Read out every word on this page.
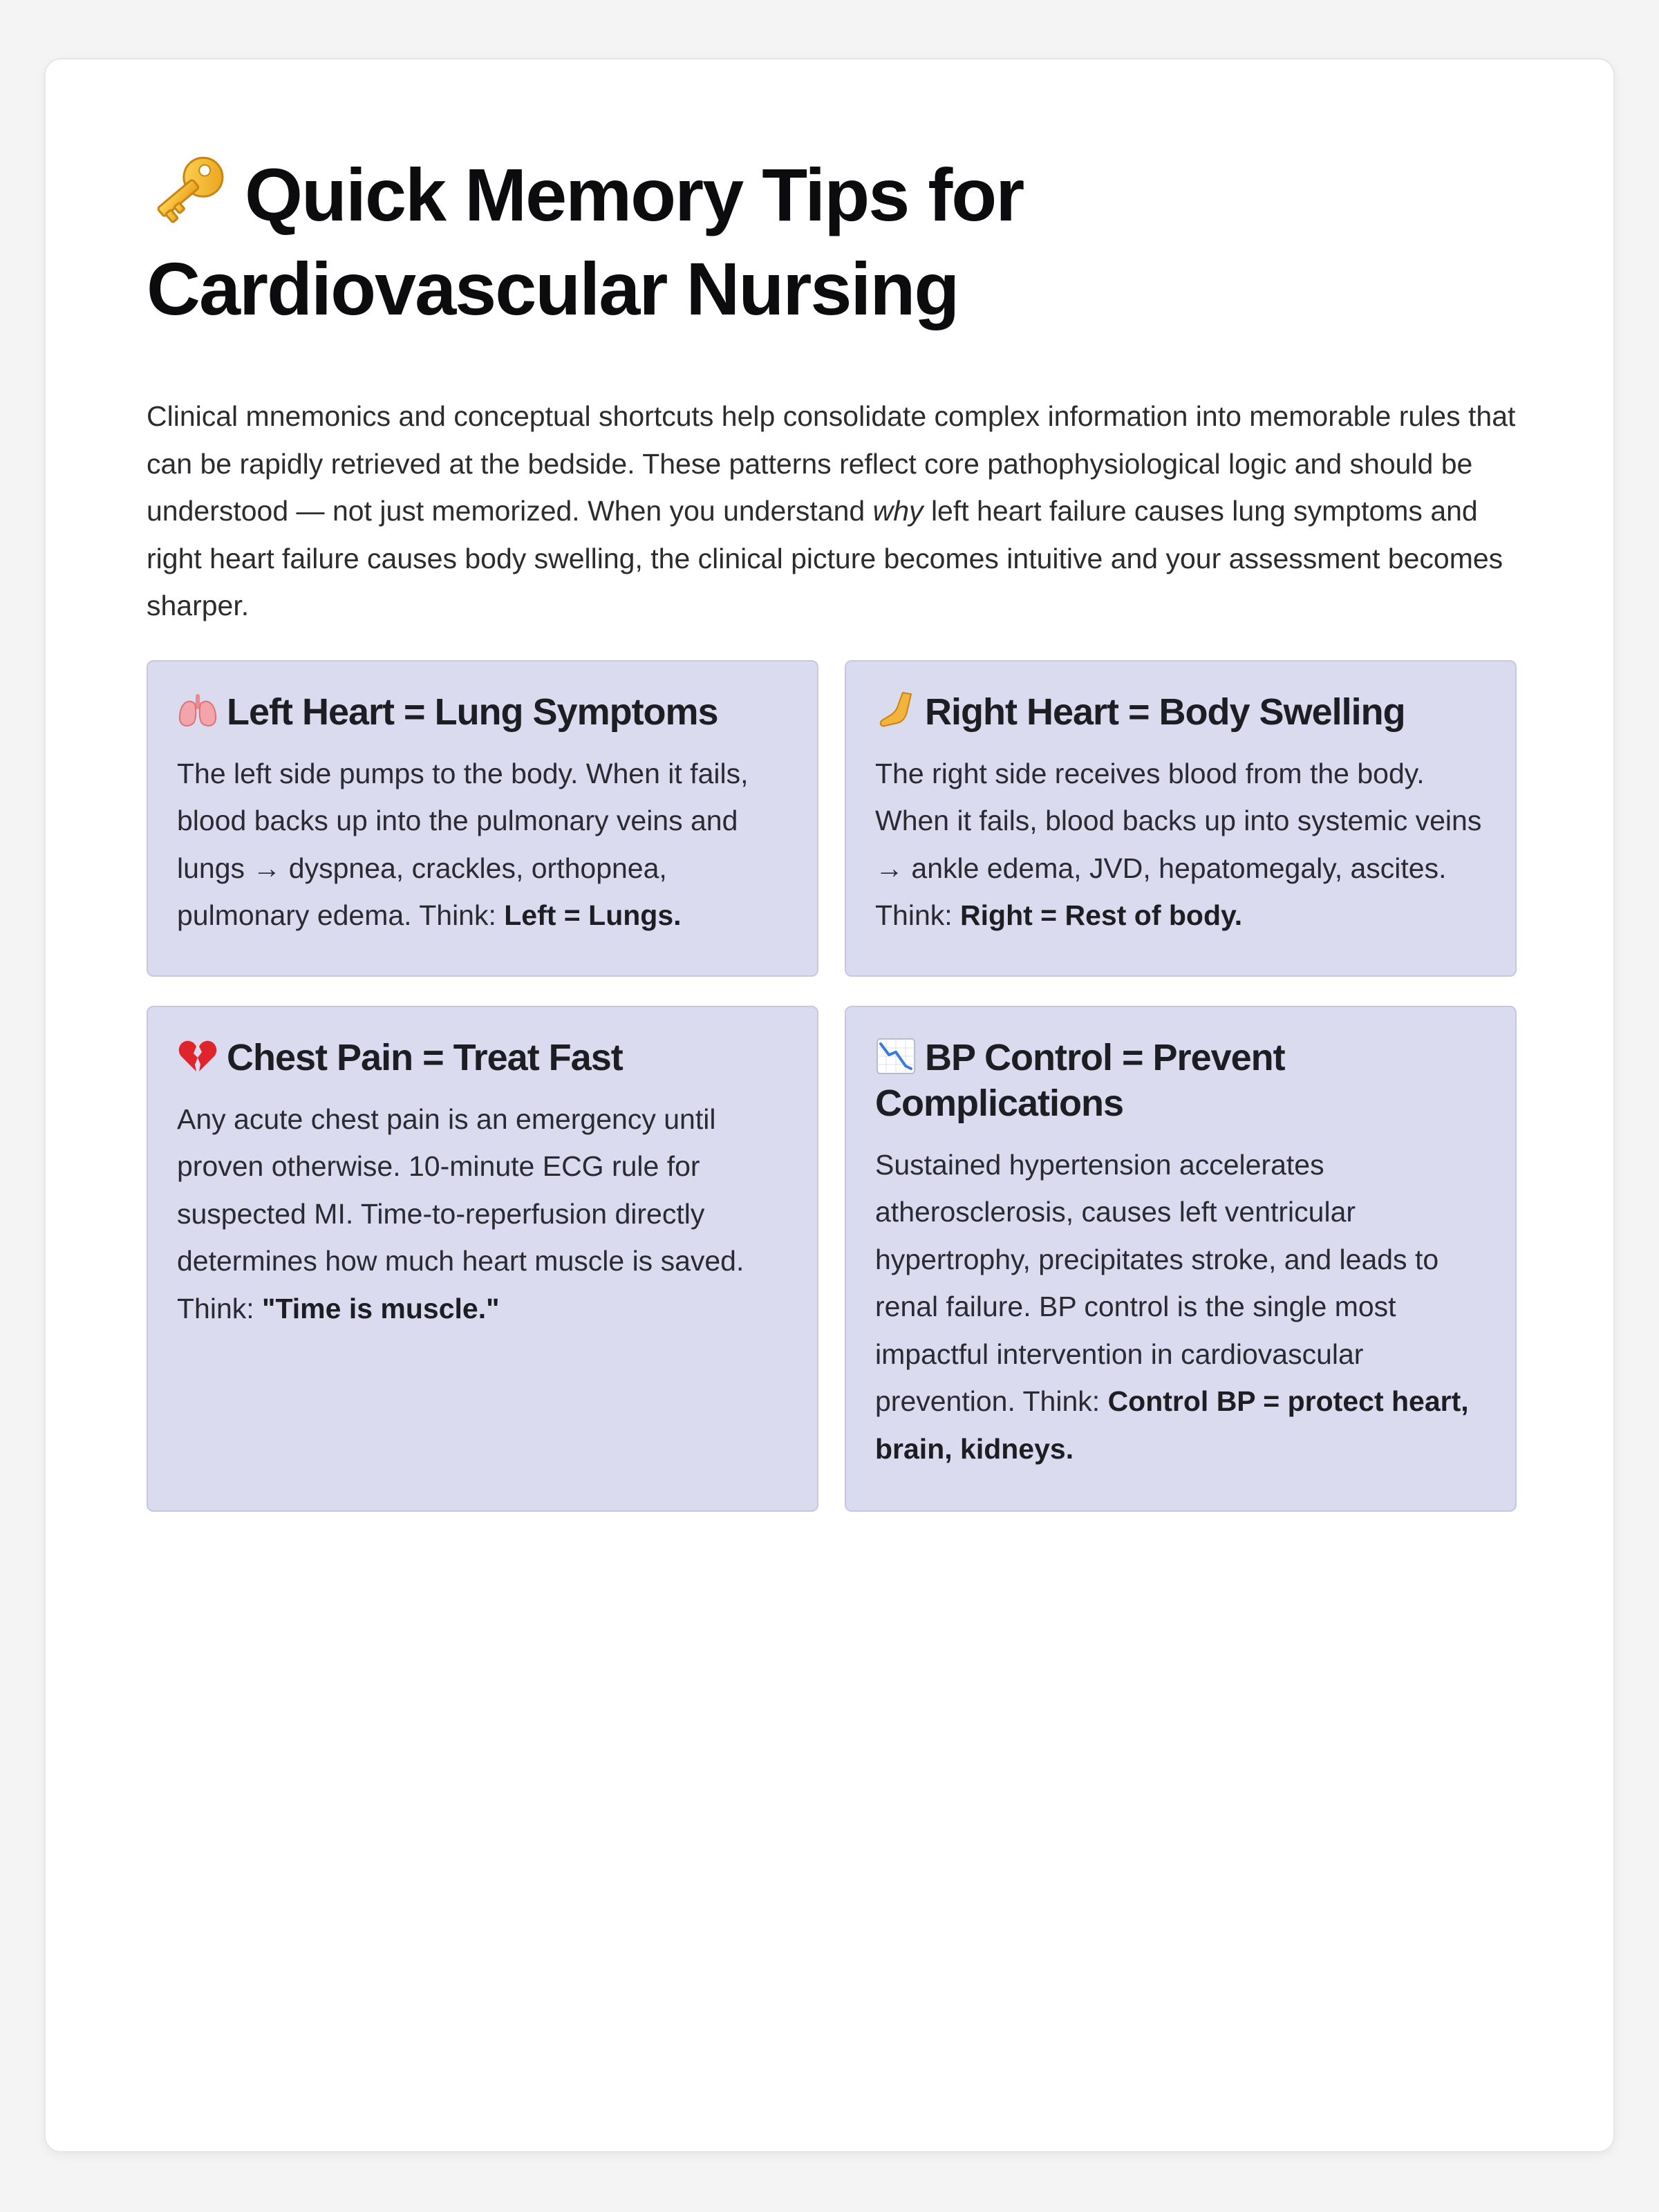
Quick Memory Tips for
Cardiovascular Nursing

Clinical mnemonics and conceptual shortcuts help consolidate complex information into memorable rules that can be rapidly retrieved at the bedside. These patterns reflect core pathophysiological logic and should be understood — not just memorized. When you understand why left heart failure causes lung symptoms and right heart failure causes body swelling, the clinical picture becomes intuitive and your assessment becomes sharper.

Left Heart = Lung Symptoms

The left side pumps to the body. When it fails, blood backs up into the pulmonary veins and lungs → dyspnea, crackles, orthopnea, pulmonary edema. Think: Left = Lungs.

Right Heart = Body Swelling

The right side receives blood from the body. When it fails, blood backs up into systemic veins → ankle edema, JVD, hepatomegaly, ascites. Think: Right = Rest of body.

Chest Pain = Treat Fast

Any acute chest pain is an emergency until proven otherwise. 10-minute ECG rule for suspected MI. Time-to-reperfusion directly determines how much heart muscle is saved. Think: "Time is muscle."

BP Control = Prevent Complications

Sustained hypertension accelerates atherosclerosis, causes left ventricular hypertrophy, precipitates stroke, and leads to renal failure. BP control is the single most impactful intervention in cardiovascular prevention. Think: Control BP = protect heart, brain, kidneys.
